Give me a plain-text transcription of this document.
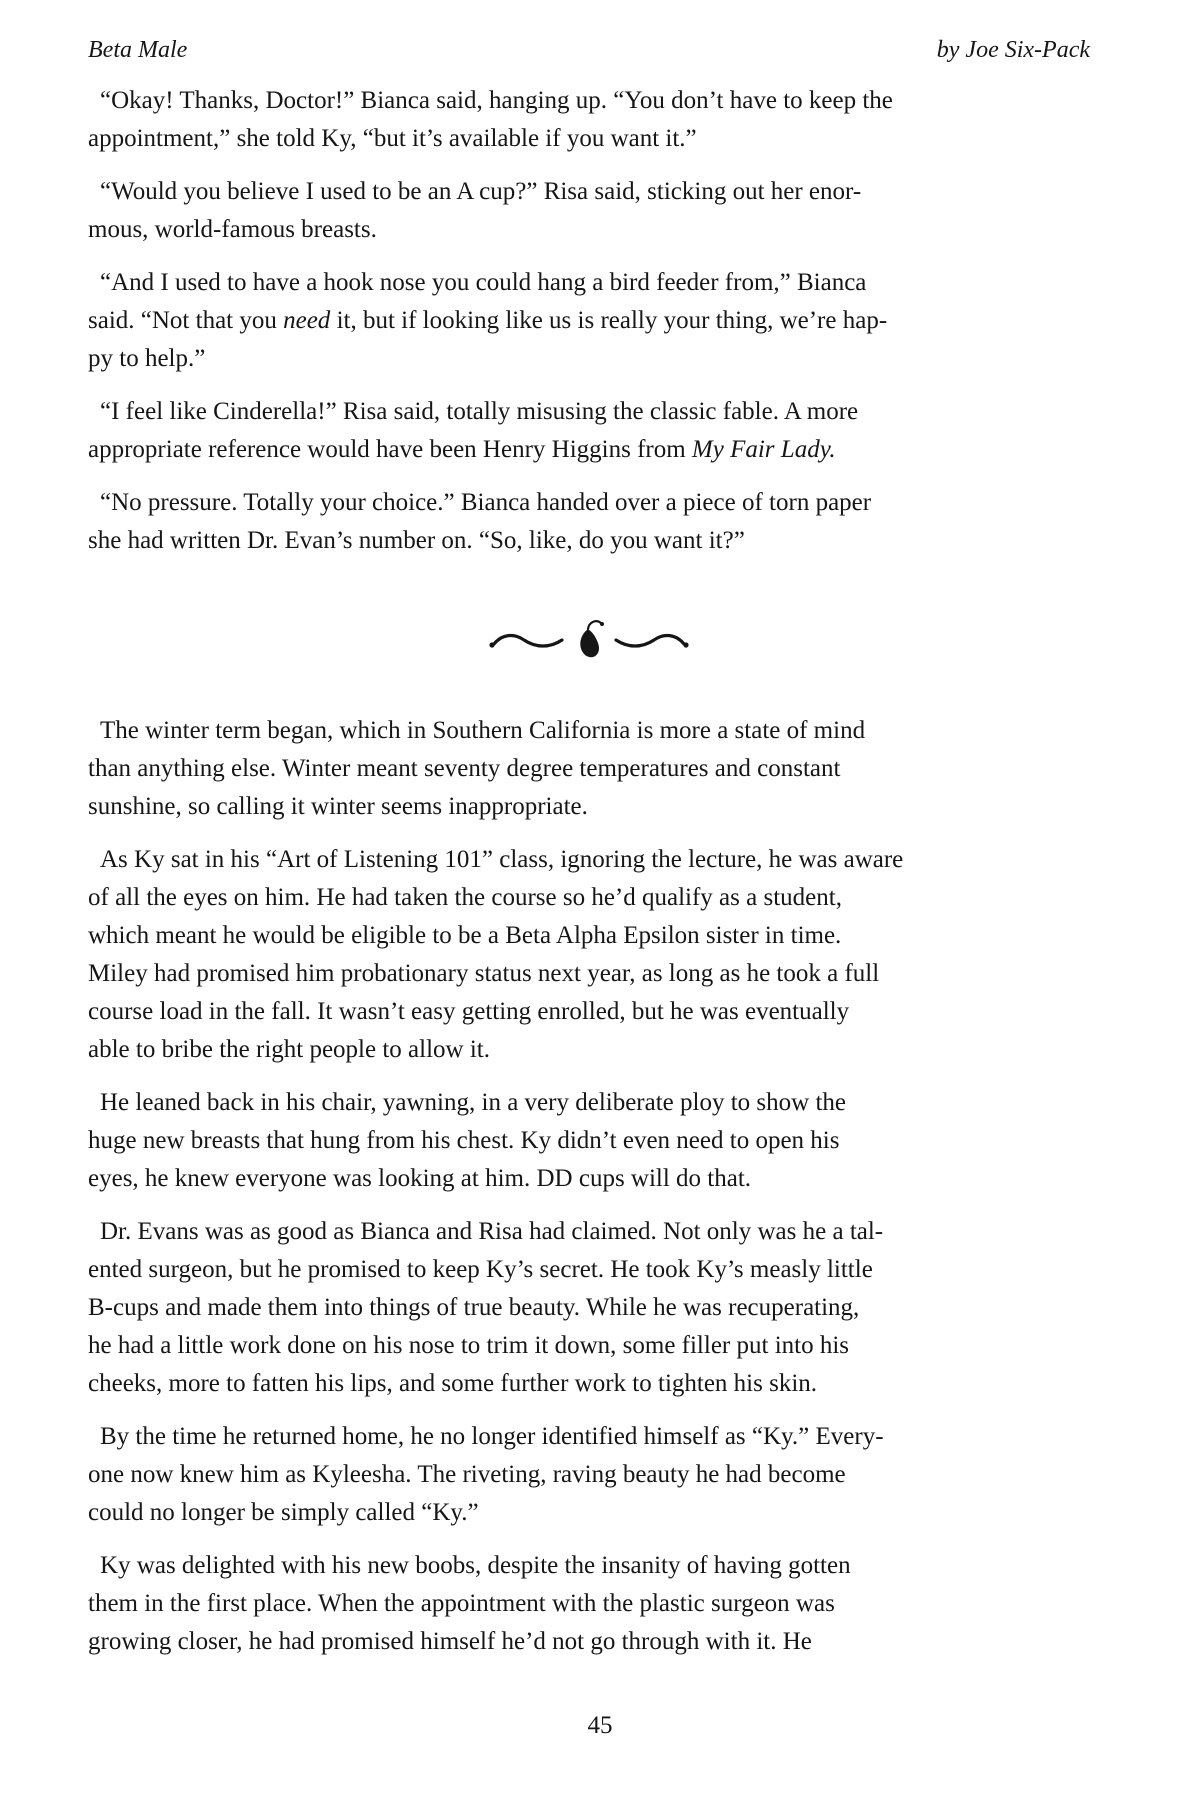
Beta Male	by Joe Six-Pack
“Okay! Thanks, Doctor!” Bianca said, hanging up. “You don’t have to keep the
appointment,” she told Ky, “but it’s available if you want it.”
“Would you believe I used to be an A cup?” Risa said, sticking out her enor-
mous, world-famous breasts.
“And I used to have a hook nose you could hang a bird feeder from,” Bianca
said. “Not that you need it, but if looking like us is really your thing, we’re hap-
py to help.”
“I feel like Cinderella!” Risa said, totally misusing the classic fable. A more
appropriate reference would have been Henry Higgins from My Fair Lady.
“No pressure. Totally your choice.” Bianca handed over a piece of torn paper
she had written Dr. Evan’s number on. “So, like, do you want it?”
The winter term began, which in Southern California is more a state of mind
than anything else. Winter meant seventy degree temperatures and constant
sunshine, so calling it winter seems inappropriate.
As Ky sat in his “Art of Listening 101” class, ignoring the lecture, he was aware
of all the eyes on him. He had taken the course so he’d qualify as a student,
which meant he would be eligible to be a Beta Alpha Epsilon sister in time.
Miley had promised him probationary status next year, as long as he took a full
course load in the fall. It wasn’t easy getting enrolled, but he was eventually
able to bribe the right people to allow it.
He leaned back in his chair, yawning, in a very deliberate ploy to show the
huge new breasts that hung from his chest. Ky didn’t even need to open his
eyes, he knew everyone was looking at him. DD cups will do that.
Dr. Evans was as good as Bianca and Risa had claimed. Not only was he a tal-
ented surgeon, but he promised to keep Ky’s secret. He took Ky’s measly little
B-cups and made them into things of true beauty. While he was recuperating,
he had a little work done on his nose to trim it down, some filler put into his
cheeks, more to fatten his lips, and some further work to tighten his skin.
By the time he returned home, he no longer identified himself as “Ky.” Every-
one now knew him as Kyleesha. The riveting, raving beauty he had become
could no longer be simply called “Ky.”
Ky was delighted with his new boobs, despite the insanity of having gotten
them in the first place. When the appointment with the plastic surgeon was
growing closer, he had promised himself he’d not go through with it. He
45
